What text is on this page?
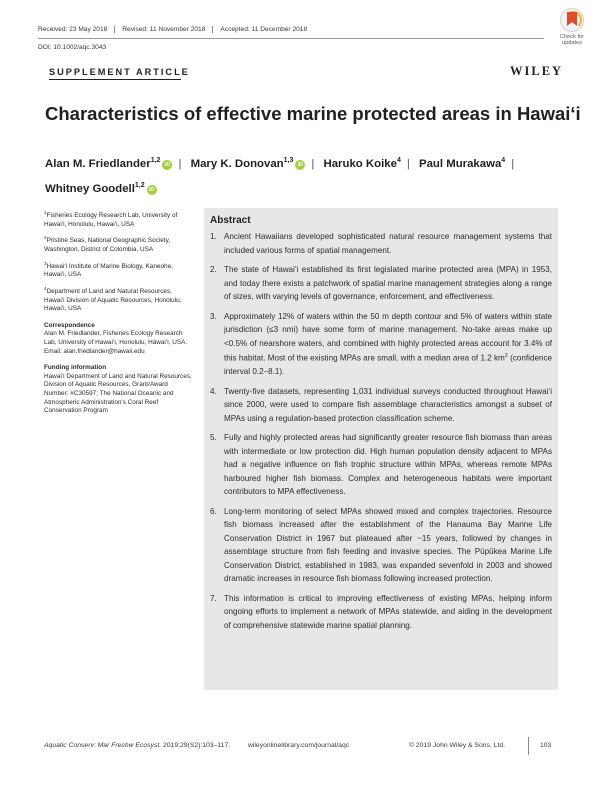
Received: 23 May 2018	Revised: 11 November 2018	Accepted: 11 December 2018
DOI: 10.1002/aqc.3043
Check for
updates
SUPPLEMENT ARTICLE	WILEY
Characteristics of effective marine protected areas in Hawai‘i
Alan M. Friedlander$^{1,2}$iD | Mary K. Donovan$^{1,3}$iD | Haruko Koike$^4$ | Paul Murakawa$^4$ | Whitney Goodell$^{1,2}$iD
$^1$Fisheries Ecology Research Lab, University of Hawai‘i, Honolulu, Hawai‘i, USA
$^2$Pristine Seas, National Geographic Society, Washington, District of Colombia, USA
$^3$Hawai‘i Institute of Marine Biology, Kaneohe, Hawai‘i, USA
$^4$Department of Land and Natural Resources, Hawai‘i Division of Aquatic Resources, Honolulu, Hawai‘i, USA
Correspondence
Alan M. Friedlander, Fisheries Ecology Research Lab, University of Hawai‘i, Honolulu, Hawai‘i, USA.
Email: alan.friedlander@hawaii.edu
Funding information
Hawai‘i Department of Land and Natural Resources, Division of Aquatic Resources, Grant/Award Number: #C30597; The National Oceanic and Atmospheric Administration's Coral Reef Conservation Program
Abstract
1. Ancient Hawaiians developed sophisticated natural resource management systems that included various forms of spatial management.
2. The state of Hawai‘i established its first legislated marine protected area (MPA) in 1953, and today there exists a patchwork of spatial marine management strategies along a range of sizes, with varying levels of governance, enforcement, and effectiveness.
3. Approximately 12% of waters within the 50 m depth contour and 5% of waters within state jurisdiction (≤3 nmi) have some form of marine management. No-take areas make up <0.5% of nearshore waters, and combined with highly protected areas account for 3.4% of this habitat. Most of the existing MPAs are small, with a median area of 1.2 $km^2$ (confidence interval 0.2–8.1).
4. Twenty-five datasets, representing 1,031 individual surveys conducted throughout Hawai‘i since 2000, were used to compare fish assemblage characteristics amongst a subset of MPAs using a regulation-based protection classification scheme.
5. Fully and highly protected areas had significantly greater resource fish biomass than areas with intermediate or low protection did. High human population density adjacent to MPAs had a negative influence on fish trophic structure within MPAs, whereas remote MPAs harboured higher fish biomass. Complex and heterogeneous habitats were important contributors to MPA effectiveness.
6. Long-term monitoring of select MPAs showed mixed and complex trajectories. Resource fish biomass increased after the establishment of the Hanauma Bay Marine Life Conservation District in 1967 but plateaued after ~15 years, followed by changes in assemblage structure from fish feeding and invasive species. The Pūpūkea Marine Life Conservation District, established in 1983, was expanded sevenfold in 2003 and showed dramatic increases in resource fish biomass following increased protection.
7. This information is critical to improving effectiveness of existing MPAs, helping inform ongoing efforts to implement a network of MPAs statewide, and aiding in the development of comprehensive statewide marine spatial planning.
Aquatic Conserv: Mar Freshw Ecosyst. 2019;29(S2):103–117.	wileyonlinelibrary.com/journal/aqc	© 2019 John Wiley & Sons, Ltd.	103
